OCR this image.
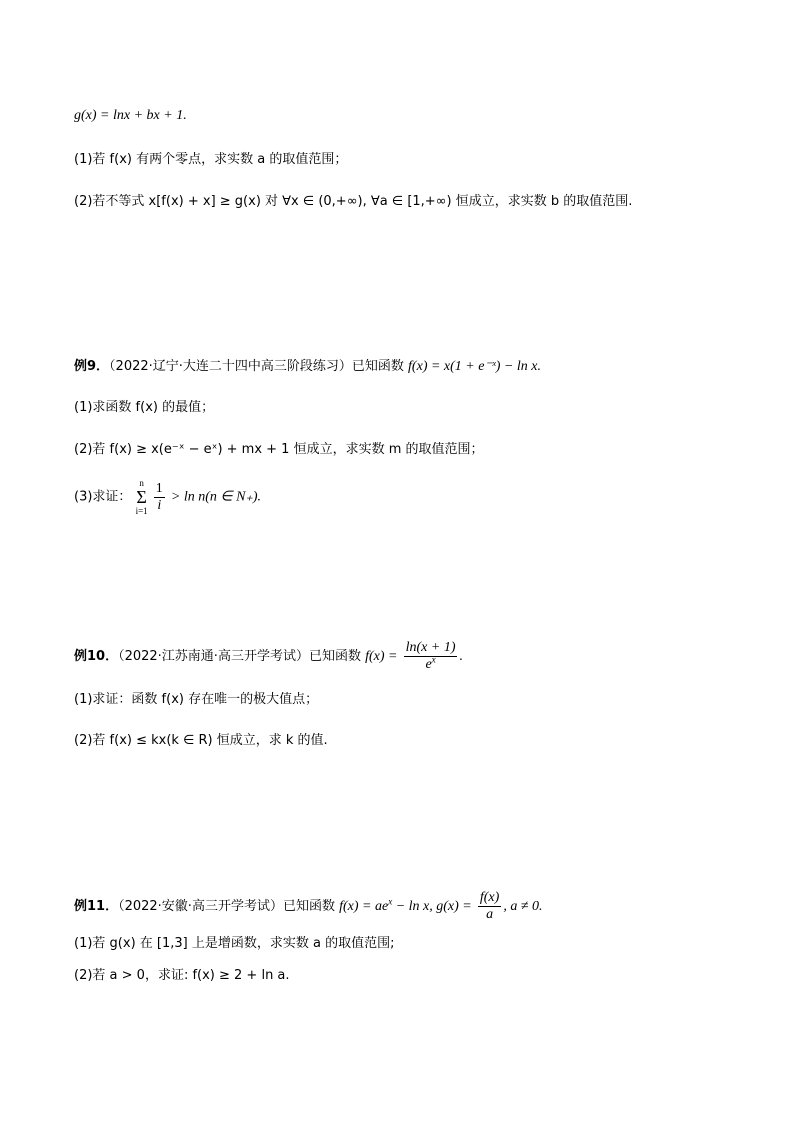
g(x) = lnx + bx + 1.
(1)若 f(x) 有两个零点，求实数 a 的取值范围；
(2)若不等式 x[f(x) + x] ≥ g(x) 对 ∀x ∈ (0,+∞), ∀a ∈ [1,+∞) 恒成立，求实数 b 的取值范围.
例9．（2022·辽宁·大连二十四中高三阶段练习）已知函数 f(x) = x(1 + e⁻ˣ) − ln x.
(1)求函数 f(x) 的最值；
(2)若 f(x) ≥ x(e⁻ˣ − eˣ) + mx + 1 恒成立，求实数 m 的取值范围；
(3)求证：
n
Σ
i=1
$\frac{1}{i} > \ln n(n$ ∈ N₊).
例10．（2022·江苏南通·高三开学考试）已知函数 $f(x) = \frac{\ln(x + 1)}{e^x}$ .
(1)求证：函数 f(x) 存在唯一的极大值点；
(2)若 f(x) ≤ kx(k ∈ R) 恒成立，求 k 的值.
例11．（2022·安徽·高三开学考试）已知函数 $f(x) = ae^x - \ln x$, $g(x) = \frac{f(x)}{a}$ , a ≠ 0.
(1)若 g(x) 在 [1,3] 上是增函数，求实数 a 的取值范围;
(2)若 a > 0，求证: f(x) ≥ 2 + ln a.
